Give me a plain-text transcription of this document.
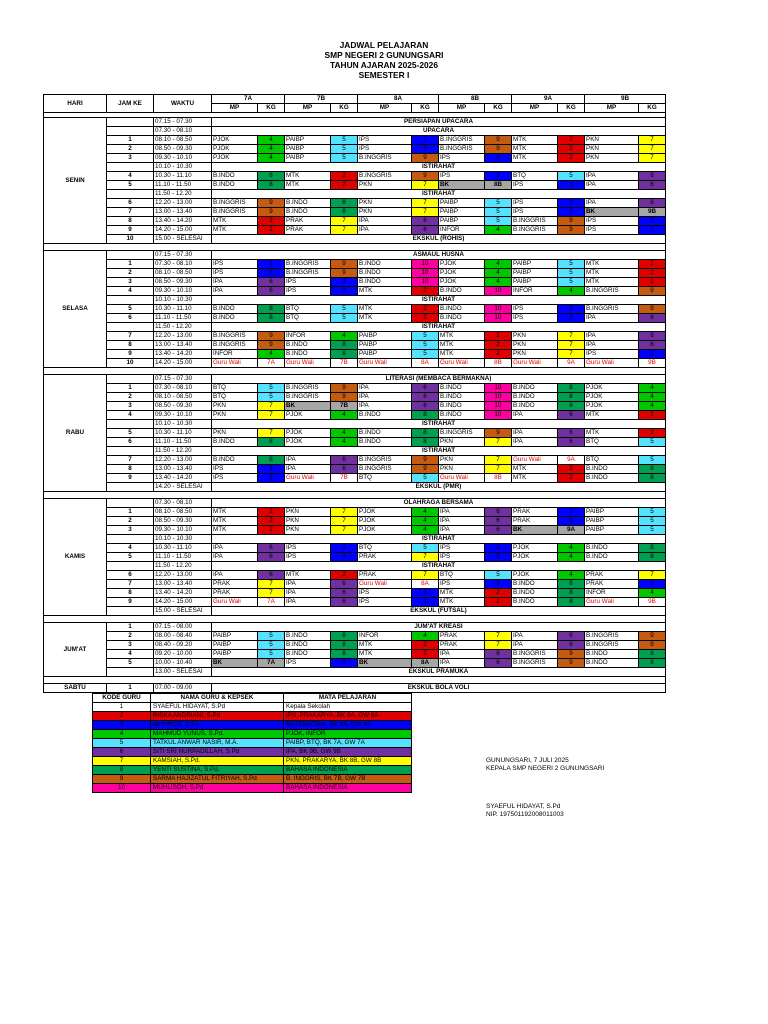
JADWAL PELAJARAN
SMP NEGERI 2 GUNUNGSARI
TAHUN AJARAN 2025-2026
SEMESTER I
HARI	JAM KE	WAKTU	7A		7B		8A		8B		9A		9B	
			MP	KG	MP	KG	MP	KG	MP	KG	MP	KG	MP	KG

SENIN		07.15 - 07.30	PERSIAPAN UPACARA											
		07.30 - 08.10	UPACARA											
	1	08.10 - 08.50	PJOK	4	PAIBP	5	IPS	3	B.INGGRIS	9	MTK	2	PKN	7
	2	08.50 - 09.30	PJOK	4	PAIBP	5	IPS	3	B.INGGRIS	9	MTK	2	PKN	7
	3	09.30 - 10.10	PJOK	4	PAIBP	5	B.INGGRIS	9	IPS	3	MTK	2	PKN	7
		10.10 - 10.30	ISTIRAHAT											
	4	10.30 - 11.10	B.INDO	8	MTK	2	B.INGGRIS	9	IPS	3	BTQ	5	IPA	6
	5	11.10 - 11.50	B.INDO	8	MTK	2	PKN	7	BK	8B	IPS	3	IPA	6
		11.50 - 12.20	ISTIRAHAT											
	6	12.20 - 13.00	B.INGGRIS	9	B.INDO	8	PKN	7	PAIBP	5	IPS	3	IPA	6
	7	13.00 - 13.40	B.INGGRIS	9	B.INDO	8	PKN	7	PAIBP	5	IPS	3	BK	9B
	8	13.40 - 14.20	MTK	2	PRAK	7	IPA	6	PAIBP	5	B.INGGRIS	9	IPS	3
	9	14.20 - 15.00	MTK	2	PRAK	7	IPA	6	INFOR	4	B.INGGRIS	9	IPS	3
	10	15.00 - SELESAI	EKSKUL (ROHIS)											

SELASA		07.15 - 07.30	ASMAUL HUSNA											
	1	07.30 - 08.10	IPS	3	B.INGGRIS	9	B.INDO	10	PJOK	4	PAIBP	5	MTK	2
	2	08.10 - 08.50	IPS	3	B.INGGRIS	9	B.INDO	10	PJOK	4	PAIBP	5	MTK	2
	3	08.50 - 09.30	IPA	6	IPS	3	B.INDO	10	PJOK	4	PAIBP	5	MTK	2
	4	09.30 - 10.10	IPA	6	IPS	3	MTK	2	B.INDO	10	INFOR	4	B.INGGRIS	9
		10.10 - 10.30	ISTIRAHAT											
	5	10.30 - 11.10	B.INDO	8	BTQ	5	MTK	2	B.INDO	10	IPS	3	B.INGGRIS	9
	6	11.10 - 11.50	B.INDO	8	BTQ	5	MTK	2	B.INDO	10	IPS	3	IPA	6
		11.50 - 12.20	ISTIRAHAT											
	7	12.20 - 13.00	B.INGGRIS	9	INFOR	4	PAIBP	5	MTK	2	PKN	7	IPA	6
	8	13.00 - 13.40	B.INGGRIS	9	B.INDO	8	PAIBP	5	MTK	2	PKN	7	IPA	6
	9	13.40 - 14.20	INFOR	4	B.INDO	8	PAIBP	5	MTK	2	PKN	7	IPS	3
	10	14.20 - 15.00	Guru Wali	7A	Guru Wali	7B	Guru Wali	8A	Guru Wali	8B	Guru Wali	9A	Guru Wali	9B

RABU		07.15 - 07.30	LITERASI (MEMBACA BERMAKNA)											
	1	07.30 - 08.10	BTQ	5	B.INGGRIS	9	IPA	6	B.INDO	10	B.INDO	8	PJOK	4
	2	08.10 - 08.50	BTQ	5	B.INGGRIS	9	IPA	6	B.INDO	10	B.INDO	8	PJOK	4
	3	08.50 - 09.30	PKN	7	BK	7B	IPA	6	B.INDO	10	B.INDO	8	PJOK	4
	4	09.30 - 10.10	PKN	7	PJOK	4	B.INDO	8	B.INDO	10	IPA	6	MTK	2
		10.10 - 10.30	ISTIRAHAT											
	5	10.30 - 11.10	PKN	7	PJOK	4	B.INDO	8	B.INGGRIS	9	IPA	6	MTK	2
	6	11.10 - 11.50	B.INDO	8	PJOK	4	B.INDO	8	PKN	7	IPA	6	BTQ	5
		11.50 - 12.20	ISTIRAHAT											
	7	12.20 - 13.00	B.INDO	8	IPA	6	B.INGGRIS	9	PKN	7	Guru Wali	9A	BTQ	5
	8	13.00 - 13.40	IPS	3	IPA	6	B.INGGRIS	9	PKN	7	MTK	2	B.INDO	8
	9	13.40 - 14.20	IPS	3	Guru Wali	7B	BTQ	5	Guru Wali	8B	MTK	2	B.INDO	8
		14.20 - SELESAI	EKSKUL (PMR)											

KAMIS		07.30 - 08.10	OLAHRAGA BERSAMA											
	1	08.10 - 08.50	MTK	2	PKN	7	PJOK	4	IPA	6	PRAK	3	PAIBP	5
	2	08.50 - 09.30	MTK	2	PKN	7	PJOK	4	IPA	6	PRAK	3	PAIBP	5
	3	09.30 - 10.10	MTK	2	PKN	7	PJOK	4	IPA	6	BK	9A	PAIBP	5
		10.10 - 10.30	ISTIRAHAT											
	4	10.30 - 11.10	IPA	6	IPS	3	BTQ	5	IPS	3	PJOK	4	B.INDO	8
	5	11.10 - 11.50	IPA	6	IPS	3	PRAK	7	IPS	3	PJOK	4	B.INDO	8
		11.50 - 12.20	ISTIRAHAT											
	6	12.20 - 13.00	IPA	6	MTK	2	PRAK	7	BTQ	5	PJOK	4	PRAK	7
	7	13.00 - 13.40	PRAK	7	IPA	6	Guru Wali	8A	IPS	3	B.INDO	8	PRAK	3
	8	13.40 - 14.20	PRAK	7	IPA	6	IPS	3	MTK	2	B.INDO	8	INFOR	4
	9	14.20 - 15.00	Guru Wali	7A	IPA	6	IPS	3	MTK	2	B.INDO	8	Guru Wali	9B
		15.00 - SELESAI	EKSKUL (FUTSAL)											

JUM'AT	1	07.15 - 08.00	JUM'AT KREASI											
	2	08.00 - 08.40	PAIBP	5	B.INDO	8	INFOR	4	PRAK	7	IPA	6	B.INGGRIS	9
	3	08.40 - 09.20	PAIBP	5	B.INDO	8	MTK	2	PRAK	7	IPA	6	B.INGGRIS	9
	4	09.20 - 10.00	PAIBP	5	B.INDO	8	MTK	2	IPA	6	B.INGGRIS	9	B.INDO	8
	5	10.00 - 10.40	BK	7A	IPS	3	BK	8A	IPA	6	B.INGGRIS	9	B.INDO	8
		13.00 - SELESAI	EKSKUL PRAMUKA											

SABTU	1	07.00 - 09.00	EKSKUL BOLA VOLI											
KODE GURU	NAMA GURU & KEPSEK	MATA PELAJARAN
1	SYAEFUL HIDAYAT, S.Pd	Kepala Sekolah
2	RISKA ANDRIANI, S.Pd	IPS, PRAKARYA, BK 9A, GW 8A
3	MUHROJI, S.Pd	MATEMATIKA, BK 8A, GW 8A
4	MAHMUD YUNUS, S.Pd.	PJOK, INFOR
5	TATKUL ANWAR NASIR, M.A.	PAIBP, BTQ, BK 7A, GW 7A
6	SITI SRI NURPADILLAH, S.Pd	IPA, BK 9B, GW 9B
7	KAMSIAH, S.Pd.	PKN, PRAKARYA, BK 8B, GW 8B
8	YENTI SUSTINA, S.Pd.	BAHASA INDONESIA
9	SARMA HAJIZATUL FITRIYAH, S.Pd	B. INGGRIS, BK 7B, GW 7B
10	MUHLISOH, S.Pd.	BAHASA INDONESIA
GUNUNGSARI, 7 JULI 2025
KEPALA SMP NEGERI 2 GUNUNGSARI
SYAEFUL HIDAYAT, S.Pd
NIP. 197501192008011003
